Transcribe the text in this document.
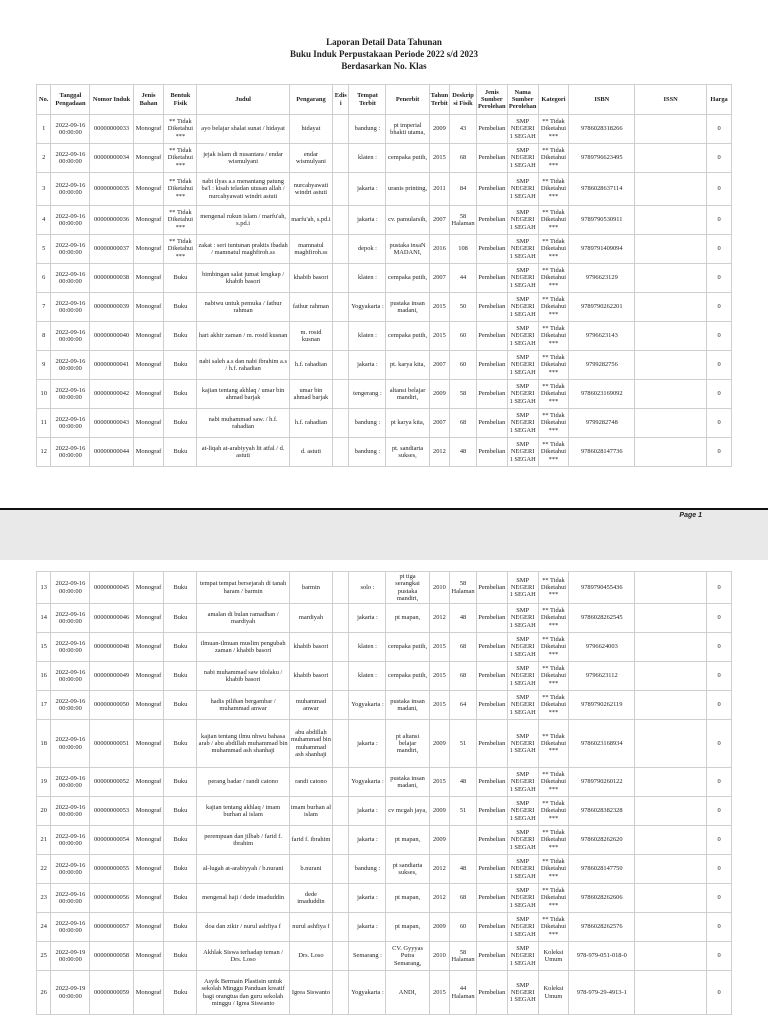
Laporan Detail Data Tahunan
Buku Induk Perpustakaan Periode 2022 s/d 2023
Berdasarkan No. Klas
No.	Tanggal Pengadaan	Nomor Induk	Jenis Bahan	Bentuk Fisik	Judul	Pengarang	Edisi	Tempat Terbit	Penerbit	Tahun Terbit	Deskripsi Fisik	Jenis Sumber Perolehan	Nama Sumber Perolehan	Kategori	ISBN	ISSN	Harga
1	2022-09-16 00:00:00	00000000033	Monograf	** Tidak Diketahui ***	ayo belajar shalat sunat / hidayat	hidayat		bandung :	pt imperial bhakti utama,	2009	43	Pembelian	SMP NEGERI 1 SEGAH	** Tidak Diketahui ***	9786028318266		0
2	2022-09-16 00:00:00	00000000034	Monograf	** Tidak Diketahui ***	jejak islam di nusantara / endar wismulyani	endar wismulyani		klaten :	cempaka putih,	2015	68	Pembelian	SMP NEGERI 1 SEGAH	** Tidak Diketahui ***	9789796623495		0
3	2022-09-16 00:00:00	00000000035	Monograf	** Tidak Diketahui ***	nabi ilyas a.s menantang patung ba'l : kisah teladan utusan allah / nurcahyawati windri astuti	nurcahyawati windri astuti		jakarta :	uranis printing,	2011	84	Pembelian	SMP NEGERI 1 SEGAH	** Tidak Diketahui ***	9786028637114		0
4	2022-09-16 00:00:00	00000000036	Monograf	** Tidak Diketahui ***	mengenal rukun islam / marfu'ah, s.pd.i	marfu'ah, s.pd.i		jakarta :	cv. pamularsih,	2007	58 Halaman	Pembelian	SMP NEGERI 1 SEGAH	** Tidak Diketahui ***	9789790530911		0
5	2022-09-16 00:00:00	00000000037	Monograf	** Tidak Diketahui ***	zakat : seri tuntunan praktis ibadah / mamnatul maghfiroh.ss	mamnatul maghfiroh.ss		depok :	pustaka insaN MADANI,	2016	108	Pembelian	SMP NEGERI 1 SEGAH	** Tidak Diketahui ***	9789791409094		0
6	2022-09-16 00:00:00	00000000038	Monograf	Buku	bimbingan salat jumat lengkap / khabib basori	khabib basori		klaten :	cempaka putih,	2007	44	Pembelian	SMP NEGERI 1 SEGAH	** Tidak Diketahui ***	9796623129		0
7	2022-09-16 00:00:00	00000000039	Monograf	Buku	nabiwu untuk pemuka / fathur rahman	fathur rahman		Yogyakarta :	pustaka insan madani,	2015	50	Pembelian	SMP NEGERI 1 SEGAH	** Tidak Diketahui ***	9789790262201		0
8	2022-09-16 00:00:00	00000000040	Monograf	Buku	hari akhir zaman / m. rosid kusnan	m. rosid kusnan		klaten :	cempaka putih,	2015	60	Pembelian	SMP NEGERI 1 SEGAH	** Tidak Diketahui ***	9796623143		0
9	2022-09-16 00:00:00	00000000041	Monograf	Buku	nabi saleh a.s dan nabi ibrahim a.s / h.f. rahadian	h.f. rahadian		jakarta :	pt. karya kita,	2007	60	Pembelian	SMP NEGERI 1 SEGAH	** Tidak Diketahui ***	9799282756		0
10	2022-09-16 00:00:00	00000000042	Monograf	Buku	kajian tentang akhlaq / umar bin ahmad barjak	umar bin ahmad barjak		tengerang :	altansi belajar mandiri,	2009	58	Pembelian	SMP NEGERI 1 SEGAH	** Tidak Diketahui ***	9786023169092		0
11	2022-09-16 00:00:00	00000000043	Monograf	Buku	nabi muhammad saw. / h.f. rahadian	h.f. rahadian		bandung :	pt karya kita,	2007	68	Pembelian	SMP NEGERI 1 SEGAH	** Tidak Diketahui ***	9799282748		0
12	2022-09-16 00:00:00	00000000044	Monograf	Buku	at-liqah at-arabiyyah lit atfal / d. astuti	d. astuti		bandung :	pt. sandiarta sukses,	2012	48	Pembelian	SMP NEGERI 1 SEGAH	** Tidak Diketahui ***	9786028147736		0
Page 1
13	2022-09-16 00:00:00	00000000045	Monograf	Buku	tempat tempat bersejarah di tanah haram / barmin	barmin		solo :	pt tiga serangkai pustaka mandiri,	2010	58 Halaman	Pembelian	SMP NEGERI 1 SEGAH	** Tidak Diketahui ***	9789790455436		0
14	2022-09-16 00:00:00	00000000046	Monograf	Buku	amalan di bulan ramadhan / mardiyah	mardiyah		jakarta :	pt mapan,	2012	48	Pembelian	SMP NEGERI 1 SEGAH	** Tidak Diketahui ***	9786028262545		0
15	2022-09-16 00:00:00	00000000048	Monograf	Buku	ilmuan-ilmuan muslim pengubah zaman / khabib basori	khabib basori		klaten :	cempaka putih,	2015	68	Pembelian	SMP NEGERI 1 SEGAH	** Tidak Diketahui ***	9796624003		0
16	2022-09-16 00:00:00	00000000049	Monograf	Buku	nabi muhammad saw idolaku / khabib basori	khabib basori		klaten :	cempaka putih,	2015	68	Pembelian	SMP NEGERI 1 SEGAH	** Tidak Diketahui ***	9796623112		0
17	2022-09-16 00:00:00	00000000050	Monograf	Buku	hadis pilihan bergambar / muhammad anwar	muhammad anwar		Yogyakarta :	pustaka insan madani,	2015	64	Pembelian	SMP NEGERI 1 SEGAH	** Tidak Diketahui ***	9789790262119		0
18	2022-09-16 00:00:00	00000000051	Monograf	Buku	kajian tentang ilmu nhwu bahasa arab / abu abdillah muhammad bin muhammad ash shanhaji	abu abdillah muhammad bin muhammad ash shanhaji		jakarta :	pt altansi belajar mandiri,	2009	51	Pembelian	SMP NEGERI 1 SEGAH	** Tidak Diketahui ***	9786023168934		0
19	2022-09-16 00:00:00	00000000052	Monograf	Buku	perang badar / randi catono	randi catono		Yogyakarta :	pustaka insan madani,	2015	48	Pembelian	SMP NEGERI 1 SEGAH	** Tidak Diketahui ***	9789790260122		0
20	2022-09-16 00:00:00	00000000053	Monograf	Buku	kajian tentang akhlaq / imam burhan al islam	imam burhan al islam		jakarta :	cv mcgah jaya,	2009	51	Pembelian	SMP NEGERI 1 SEGAH	** Tidak Diketahui ***	9786028382328		0
21	2022-09-16 00:00:00	00000000054	Monograf	Buku	perempuan dan jilbab / farid f. ibrahim	farid f. ibrahim		jakarta :	pt mapan,	2009		Pembelian	SMP NEGERI 1 SEGAH	** Tidak Diketahui ***	9786028262620		0
22	2022-09-16 00:00:00	00000000055	Monograf	Buku	al-lugah at-arabiyyah / b.nurani	b.nurani		bandung :	pt sandiarta sukses,	2012	48	Pembelian	SMP NEGERI 1 SEGAH	** Tidak Diketahui ***	9786028147750		0
23	2022-09-16 00:00:00	00000000056	Monograf	Buku	mengenal haji / dede imaduddin	dede imaduddin		jakarta :	pt mapan,	2012	68	Pembelian	SMP NEGERI 1 SEGAH	** Tidak Diketahui ***	9786028262606		0
24	2022-09-16 00:00:00	00000000057	Monograf	Buku	doa dan zikir / nurul ashfiya f	nurul ashfiya f		jakarta :	pt mapan,	2009	60	Pembelian	SMP NEGERI 1 SEGAH	** Tidak Diketahui ***	9786028262576		0
25	2022-09-19 00:00:00	00000000058	Monograf	Buku	Akhlak Siswa terhadap teman / Drs. Loso	Drs. Loso		Semarang :	CV. Gyyyas Putra Semarang,	2010	58 Halaman	Pembelian	SMP NEGERI 1 SEGAH	Koleksi Umum	978-979-051-018-0		0
26	2022-09-19 00:00:00	00000000059	Monograf	Buku	Asyik Bermain Plastisin untuk sekolah Minggu Panduan kreatif bagi orangtua dan guru sekolah minggu / Igrea Siswanto	Igrea Siswanto		Yogyakarta :	ANDI,	2015	44 Halaman	Pembelian	SMP NEGERI 1 SEGAH	Koleksi Umum	978-979-29-4913-1		0
